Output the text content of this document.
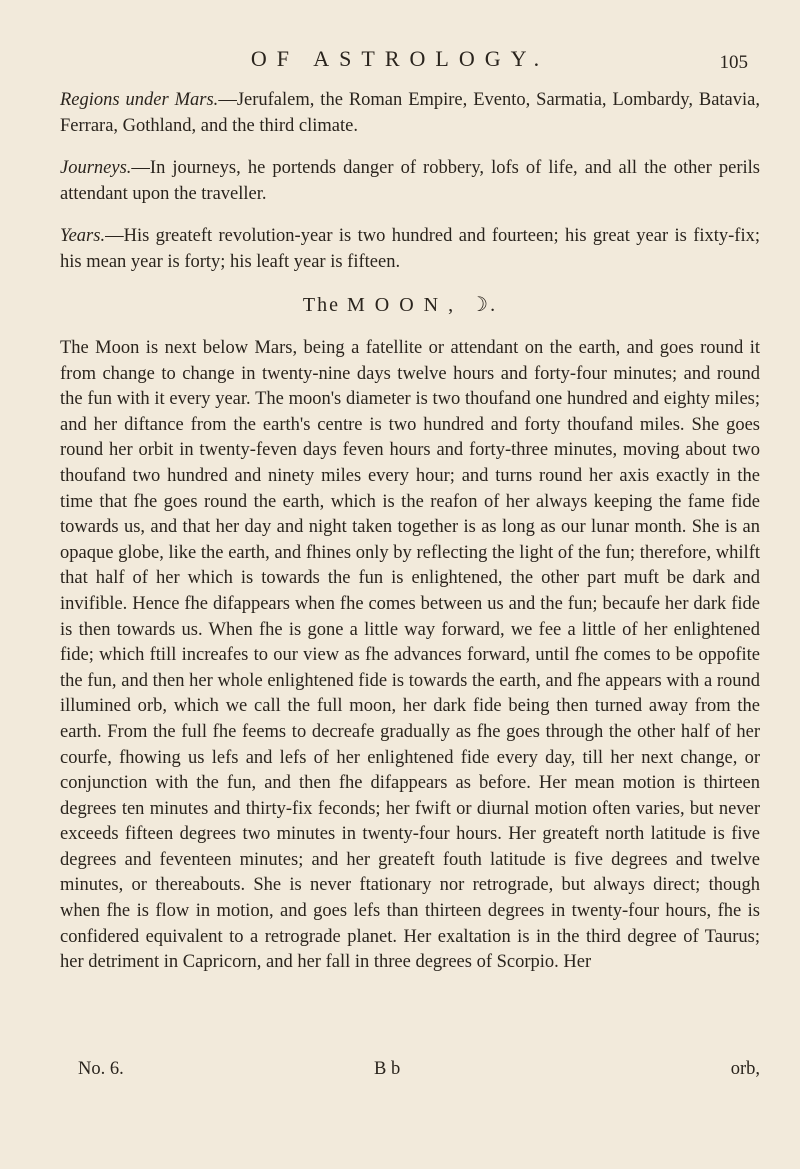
OF ASTROLOGY.	105

Regions under Mars.—Jerufalem, the Roman Empire, Evento, Sarmatia, Lombardy, Batavia, Ferrara, Gothland, and the third climate.

Journeys.—In journeys, he portends danger of robbery, lofs of life, and all the other perils attendant upon the traveller.

Years.—His greateft revolution-year is two hundred and fourteen; his great year is fixty-fix; his mean year is forty; his leaft year is fifteen.

The MOON, ☽.

The Moon is next below Mars, being a fatellite or attendant on the earth, and goes round it from change to change in twenty-nine days twelve hours and forty-four minutes; and round the fun with it every year. The moon's diameter is two thoufand one hundred and eighty miles; and her diftance from the earth's centre is two hundred and forty thoufand miles. She goes round her orbit in twenty-feven days feven hours and forty-three minutes, moving about two thoufand two hundred and ninety miles every hour; and turns round her axis exactly in the time that fhe goes round the earth, which is the reafon of her always keeping the fame fide towards us, and that her day and night taken together is as long as our lunar month. She is an opaque globe, like the earth, and fhines only by reflecting the light of the fun; therefore, whilft that half of her which is towards the fun is enlightened, the other part muft be dark and invifible. Hence fhe difappears when fhe comes between us and the fun; becaufe her dark fide is then towards us. When fhe is gone a little way forward, we fee a little of her enlightened fide; which ftill increafes to our view as fhe advances forward, until fhe comes to be oppofite the fun, and then her whole enlightened fide is towards the earth, and fhe appears with a round illumined orb, which we call the full moon, her dark fide being then turned away from the earth. From the full fhe feems to decreafe gradually as fhe goes through the other half of her courfe, fhowing us lefs and lefs of her enlightened fide every day, till her next change, or conjunction with the fun, and then fhe difappears as before. Her mean motion is thirteen degrees ten minutes and thirty-fix feconds; her fwift or diurnal motion often varies, but never exceeds fifteen degrees two minutes in twenty-four hours. Her greateft north latitude is five degrees and feventeen minutes; and her greateft fouth latitude is five degrees and twelve minutes, or thereabouts. She is never ftationary nor retrograde, but always direct; though when fhe is flow in motion, and goes lefs than thirteen degrees in twenty-four hours, fhe is confidered equivalent to a retrograde planet. Her exaltation is in the third degree of Taurus; her detriment in Capricorn, and her fall in three degrees of Scorpio. Her

No. 6.	B b	orb,
